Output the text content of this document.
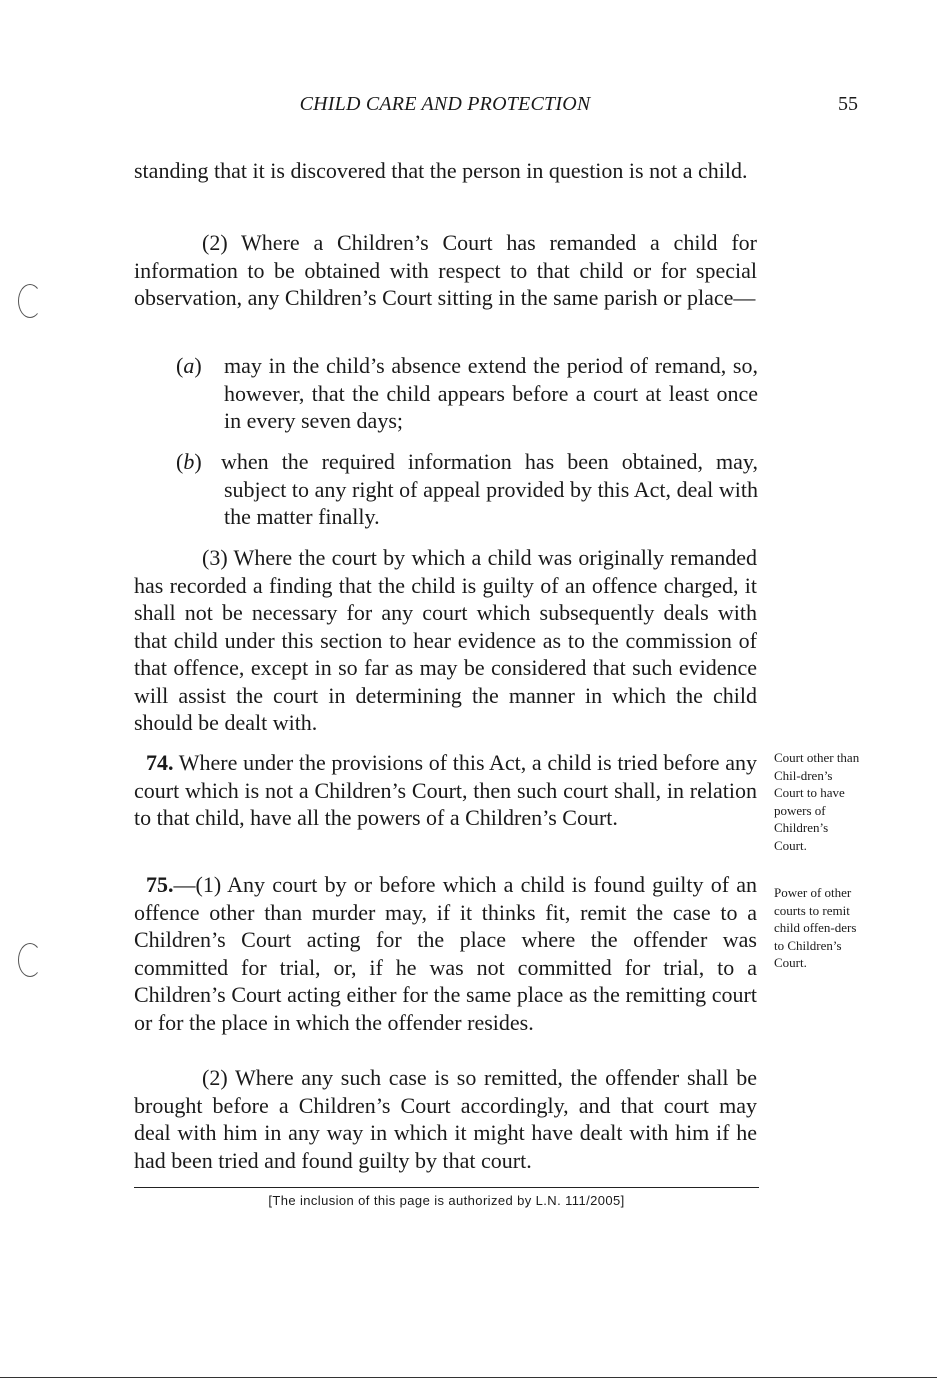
CHILD CARE AND PROTECTION	55

standing that it is discovered that the person in question is not a child.

(2) Where a Children’s Court has remanded a child for information to be obtained with respect to that child or for special observation, any Children’s Court sitting in the same parish or place—

(a) may in the child’s absence extend the period of remand, so, however, that the child appears before a court at least once in every seven days;
(b) when the required information has been obtained, may, subject to any right of appeal provided by this Act, deal with the matter finally.

(3) Where the court by which a child was originally remanded has recorded a finding that the child is guilty of an offence charged, it shall not be necessary for any court which subsequently deals with that child under this section to hear evidence as to the commission of that offence, except in so far as may be considered that such evidence will assist the court in determining the manner in which the child should be dealt with.

74. Where under the provisions of this Act, a child is tried before any court which is not a Children’s Court, then such court shall, in relation to that child, have all the powers of a Children’s Court.

Court other than Chil-dren’s Court to have powers of Children’s Court.

75.—(1) Any court by or before which a child is found guilty of an offence other than murder may, if it thinks fit, remit the case to a Children’s Court acting for the place where the offender was committed for trial, or, if he was not committed for trial, to a Children’s Court acting either for the same place as the remitting court or for the place in which the offender resides.

Power of other courts to remit child offen-ders to Children’s Court.

(2) Where any such case is so remitted, the offender shall be brought before a Children’s Court accordingly, and that court may deal with him in any way in which it might have dealt with him if he had been tried and found guilty by that court.

[The inclusion of this page is authorized by L.N. 111/2005]
